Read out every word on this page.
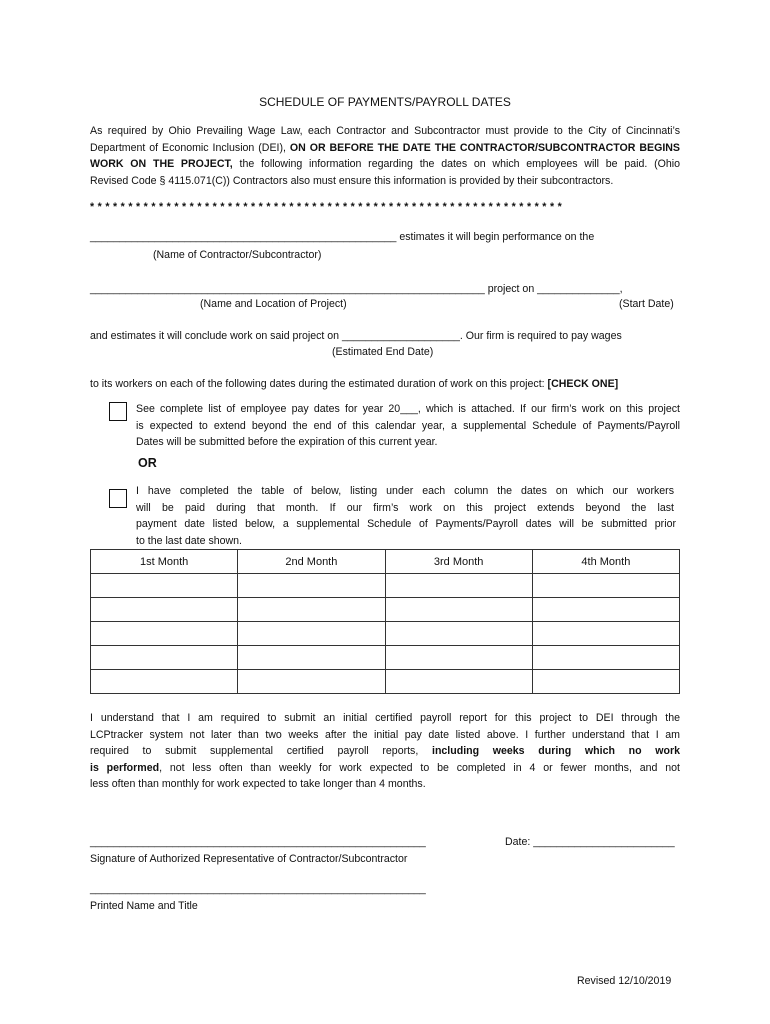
SCHEDULE OF PAYMENTS/PAYROLL DATES
As required by Ohio Prevailing Wage Law, each Contractor and Subcontractor must provide to the City of Cincinnati’s
Department of Economic Inclusion (DEI), ON OR BEFORE THE DATE THE CONTRACTOR/SUBCONTRACTOR BEGINS
WORK ON THE PROJECT, the following information regarding the dates on which employees will be paid. (Ohio
Revised Code § 4115.071(C)) Contractors also must ensure this information is provided by their subcontractors.
* * * * * * * * * * * * * * * * * * * * * * * * * * * * * * * * * * * * * * * * * * * * * * * * * * * * * * * * * * * * * *
____________________________________________________ estimates it will begin performance on the
(Name of Contractor/Subcontractor)
___________________________________________________________________ project on ______________,
(Name and Location of Project)	(Start Date)
and estimates it will conclude work on said project on ____________________. Our firm is required to pay wages
(Estimated End Date)
to its workers on each of the following dates during the estimated duration of work on this project: [CHECK ONE]
See complete list of employee pay dates for year 20___, which is attached. If our firm’s work on this project
is expected to extend beyond the end of this calendar year, a supplemental Schedule of Payments/Payroll
Dates will be submitted before the expiration of this current year.
OR
I have completed the table of below, listing under each column the dates on which our workers
will be paid during that month. If our firm’s work on this project extends beyond the last
payment date listed below, a supplemental Schedule of Payments/Payroll dates will be submitted prior
to the last date shown.
1st Month	2nd Month	3rd Month	4th Month

I understand that I am required to submit an initial certified payroll report for this project to DEI through the
LCPtracker system not later than two weeks after the initial pay date listed above. I further understand that I am
required to submit supplemental certified payroll reports, including weeks during which no work
is performed, not less often than weekly for work expected to be completed in 4 or fewer months, and not
less often than monthly for work expected to take longer than 4 months.
_________________________________________________________
Signature of Authorized Representative of Contractor/Subcontractor
Date: ________________________
_________________________________________________________
Printed Name and Title
Revised 12/10/2019
